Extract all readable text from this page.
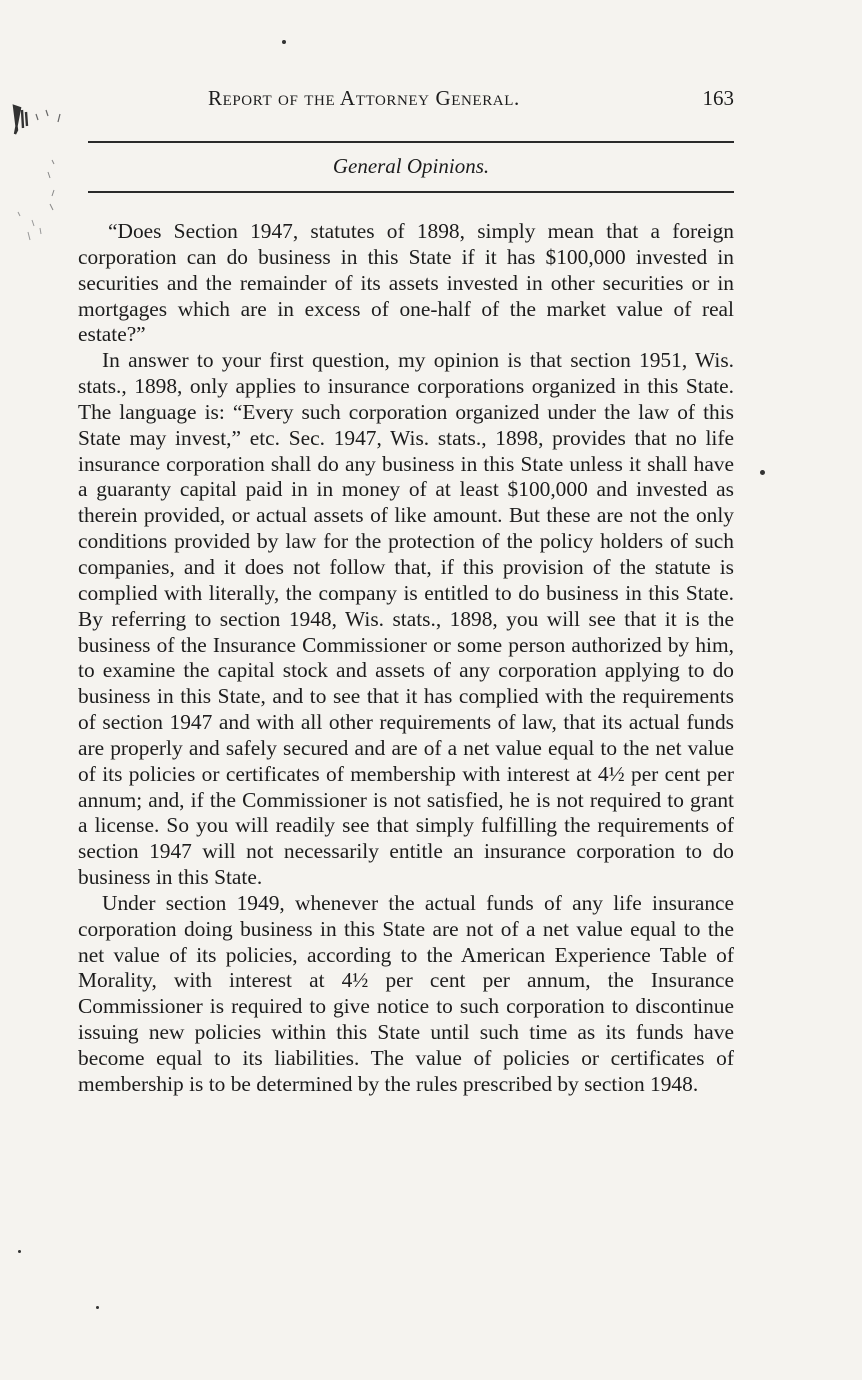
Report of the Attorney General.	163
General Opinions.

“Does Section 1947, statutes of 1898, simply mean that a foreign corporation can do business in this State if it has $100,000 invested in securities and the remainder of its assets invested in other securities or in mortgages which are in excess of one-half of the market value of real estate?”

In answer to your first question, my opinion is that section 1951, Wis. stats., 1898, only applies to insurance corporations organized in this State. The language is: “Every such corporation organized under the law of this State may invest,” etc. Sec. 1947, Wis. stats., 1898, provides that no life insurance corporation shall do any business in this State unless it shall have a guaranty capital paid in in money of at least $100,000 and invested as therein provided, or actual assets of like amount. But these are not the only conditions provided by law for the protection of the policy holders of such companies, and it does not follow that, if this provision of the statute is complied with literally, the company is entitled to do business in this State. By referring to section 1948, Wis. stats., 1898, you will see that it is the business of the Insurance Commissioner or some person authorized by him, to examine the capital stock and assets of any corporation applying to do business in this State, and to see that it has complied with the requirements of section 1947 and with all other requirements of law, that its actual funds are properly and safely secured and are of a net value equal to the net value of its policies or certificates of membership with interest at 4½ per cent per annum; and, if the Commissioner is not satisfied, he is not required to grant a license. So you will readily see that simply fulfilling the requirements of section 1947 will not necessarily entitle an insurance corporation to do business in this State.

Under section 1949, whenever the actual funds of any life insurance corporation doing business in this State are not of a net value equal to the net value of its policies, according to the American Experience Table of Morality, with interest at 4½ per cent per annum, the Insurance Commissioner is required to give notice to such corporation to discontinue issuing new policies within this State until such time as its funds have become equal to its liabilities. The value of policies or certificates of membership is to be determined by the rules prescribed by section 1948.
